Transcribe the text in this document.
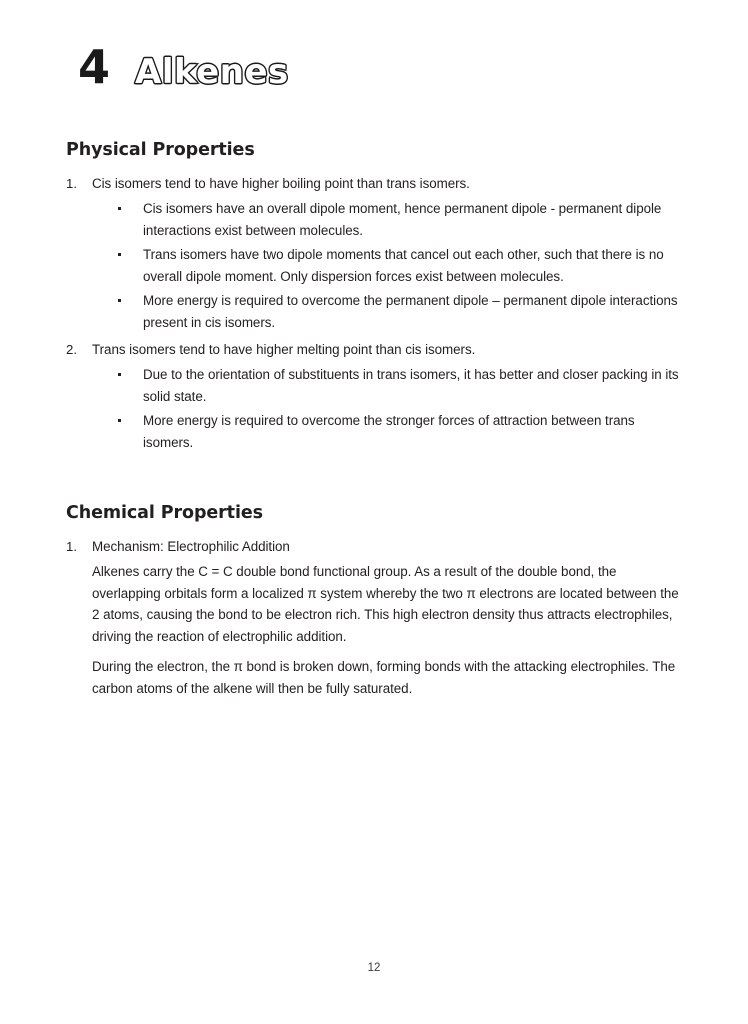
4 Alkenes
Physical Properties
1.	Cis isomers tend to have higher boiling point than trans isomers.
Cis isomers have an overall dipole moment, hence permanent dipole - permanent dipole interactions exist between molecules.
Trans isomers have two dipole moments that cancel out each other, such that there is no overall dipole moment. Only dispersion forces exist between molecules.
More energy is required to overcome the permanent dipole – permanent dipole interactions present in cis isomers.
2.	Trans isomers tend to have higher melting point than cis isomers.
Due to the orientation of substituents in trans isomers, it has better and closer packing in its solid state.
More energy is required to overcome the stronger forces of attraction between trans isomers.
Chemical Properties
1.	Mechanism: Electrophilic Addition

Alkenes carry the C = C double bond functional group. As a result of the double bond, the overlapping orbitals form a localized π system whereby the two π electrons are located between the 2 atoms, causing the bond to be electron rich. This high electron density thus attracts electrophiles, driving the reaction of electrophilic addition.

During the electron, the π bond is broken down, forming bonds with the attacking electrophiles. The carbon atoms of the alkene will then be fully saturated.

12
